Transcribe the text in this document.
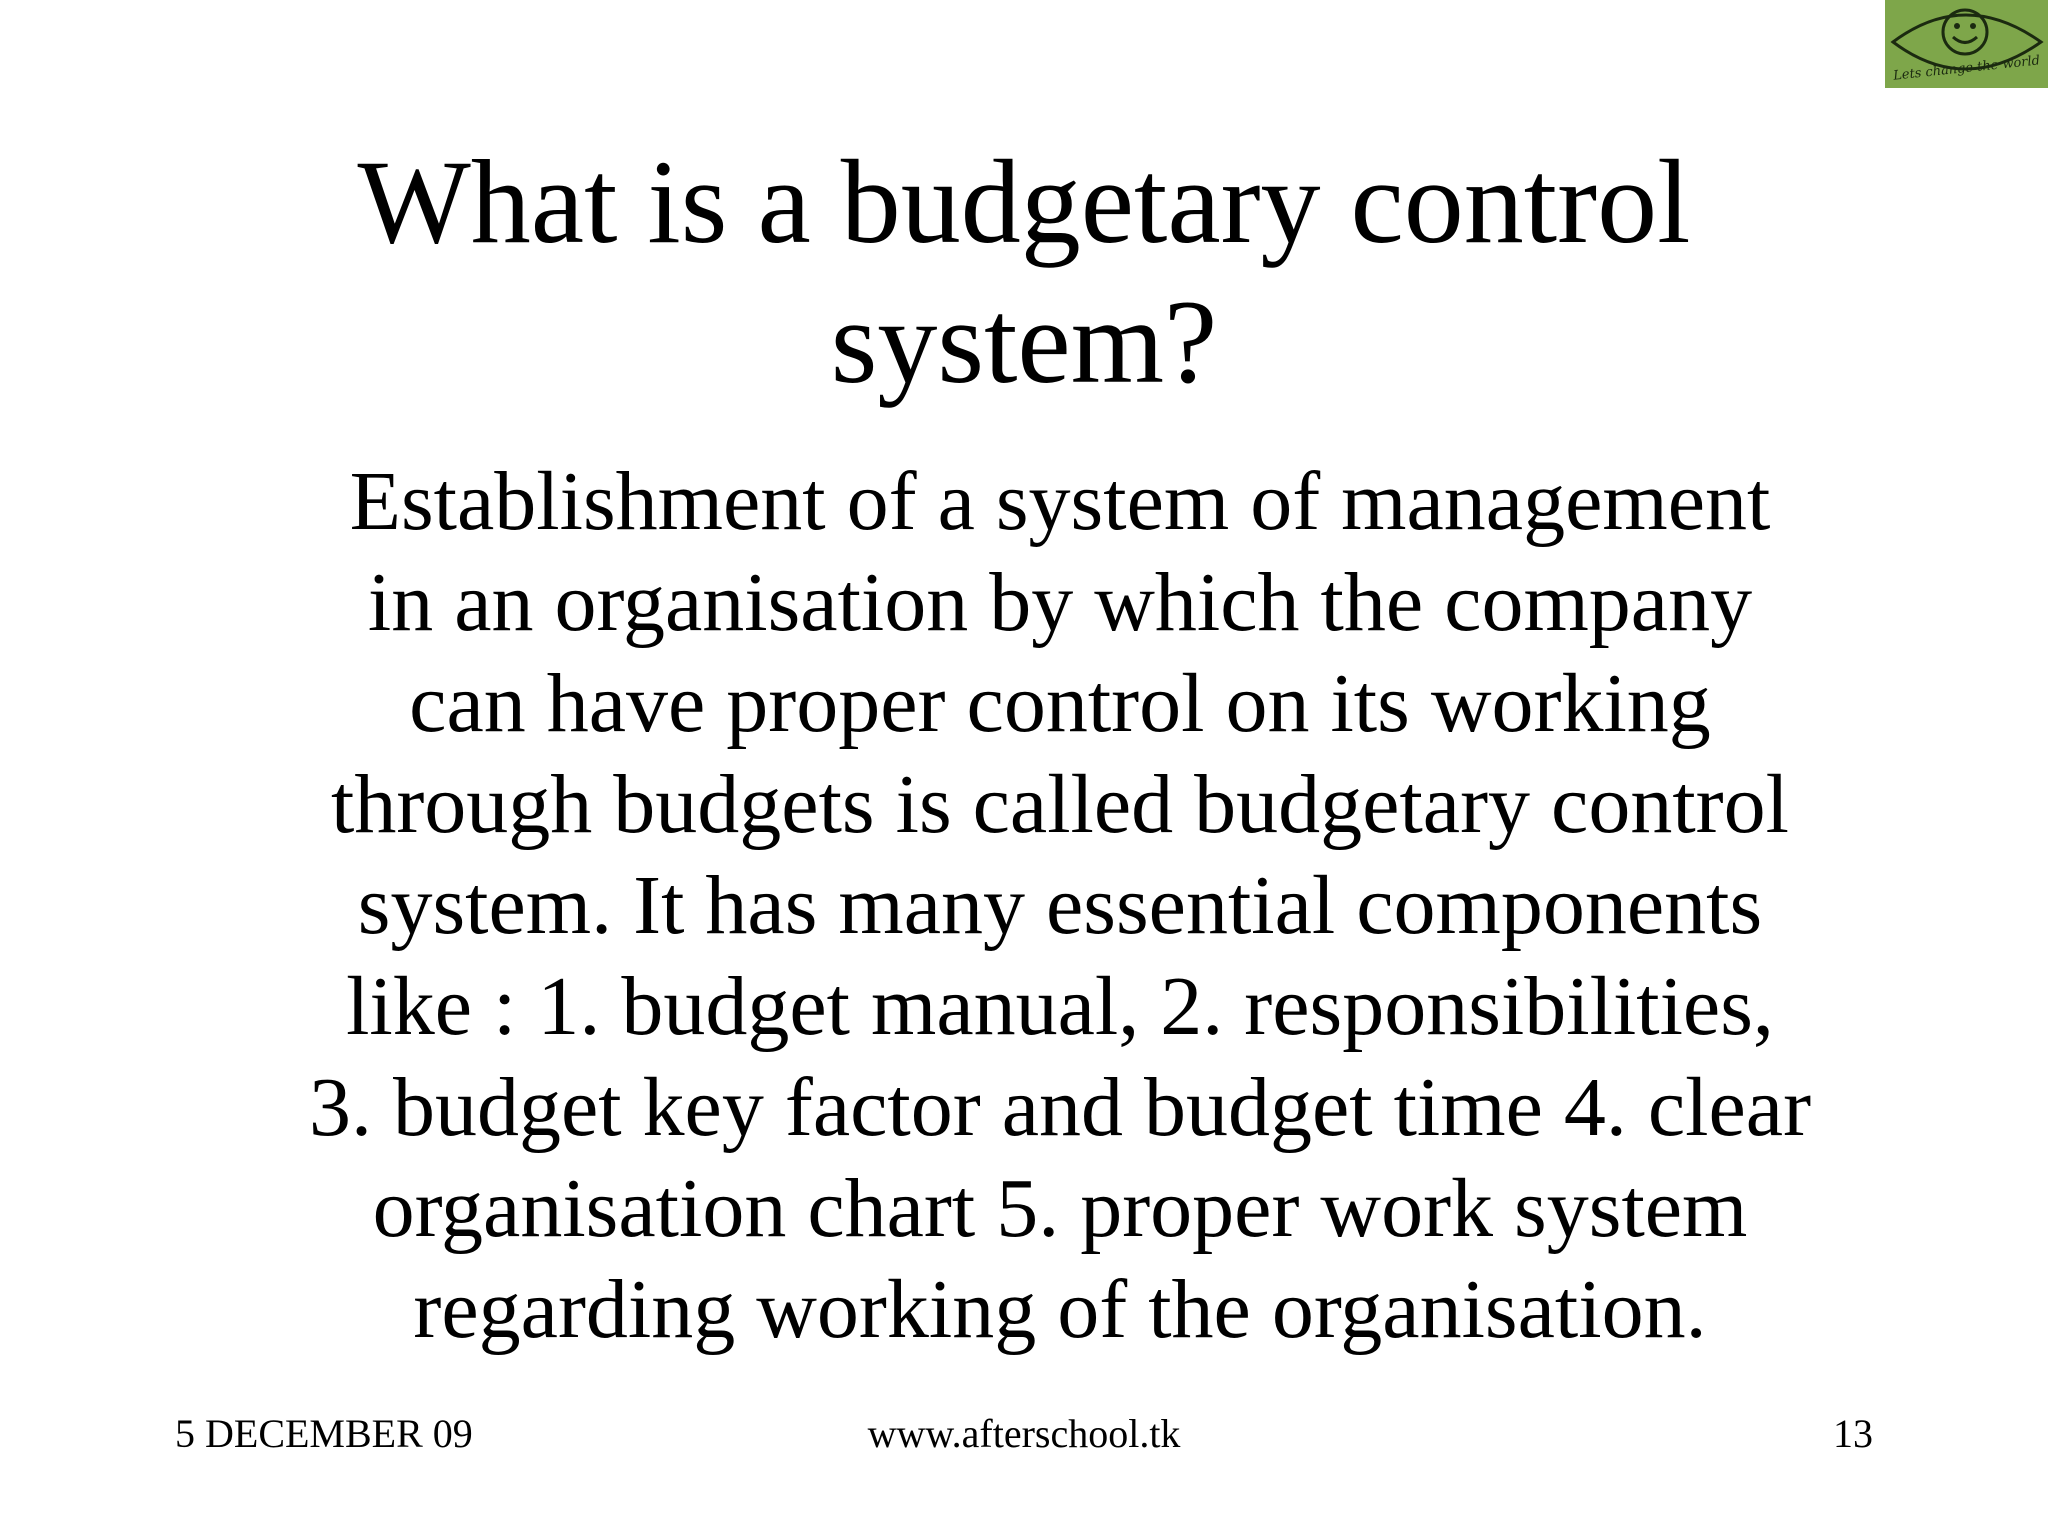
Lets change the world
What is a budgetary control
system?
Establishment of a system of management
in an organisation by which the company
can have proper control on its working
through budgets is called budgetary control
system. It has many essential components
like : 1. budget manual, 2. responsibilities,
3. budget key factor and budget time 4. clear
organisation chart 5. proper work system
regarding working of the organisation.
5 DECEMBER 09	www.afterschool.tk	13
